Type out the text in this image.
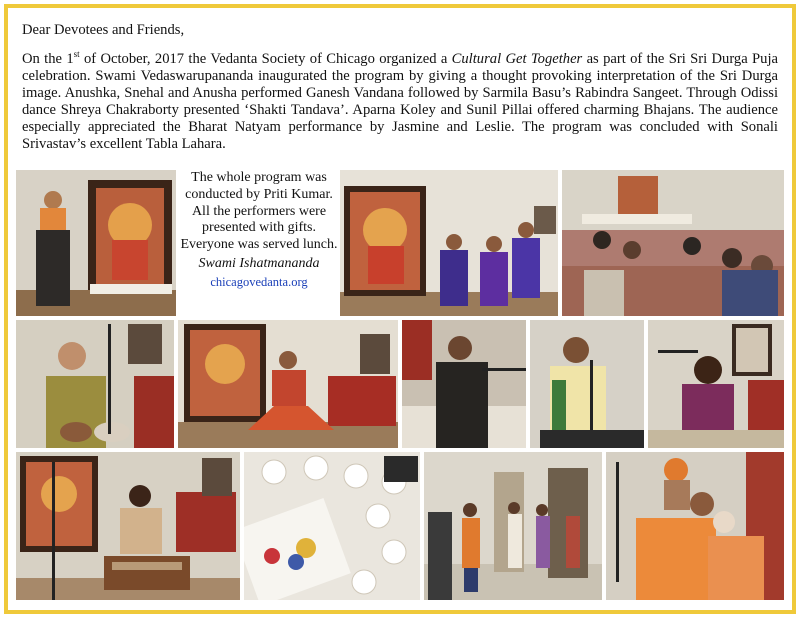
Dear Devotees and Friends,

On the 1st of October, 2017 the Vedanta Society of Chicago organized a Cultural Get Together as part of the Sri Sri Durga Puja celebration. Swami Vedaswarupananda inaugurated the program by giving a thought provoking interpretation of the Sri Durga image. Anushka, Snehal and Anusha performed Ganesh Vandana followed by Sarmila Basu’s Rabindra Sangeet. Through Odissi dance Shreya Chakraborty presented ‘Shakti Tandava’. Aparna Koley and Sunil Pillai offered charming Bhajans. The audience especially appreciated the Bharat Natyam performance by Jasmine and Leslie. The program was concluded with Sonali Srivastav’s excellent Tabla Lahara.

The whole program was conducted by Priti Kumar. All the performers were presented with gifts. Everyone was served lunch.
Swami Ishatmananda
chicagovedanta.org
